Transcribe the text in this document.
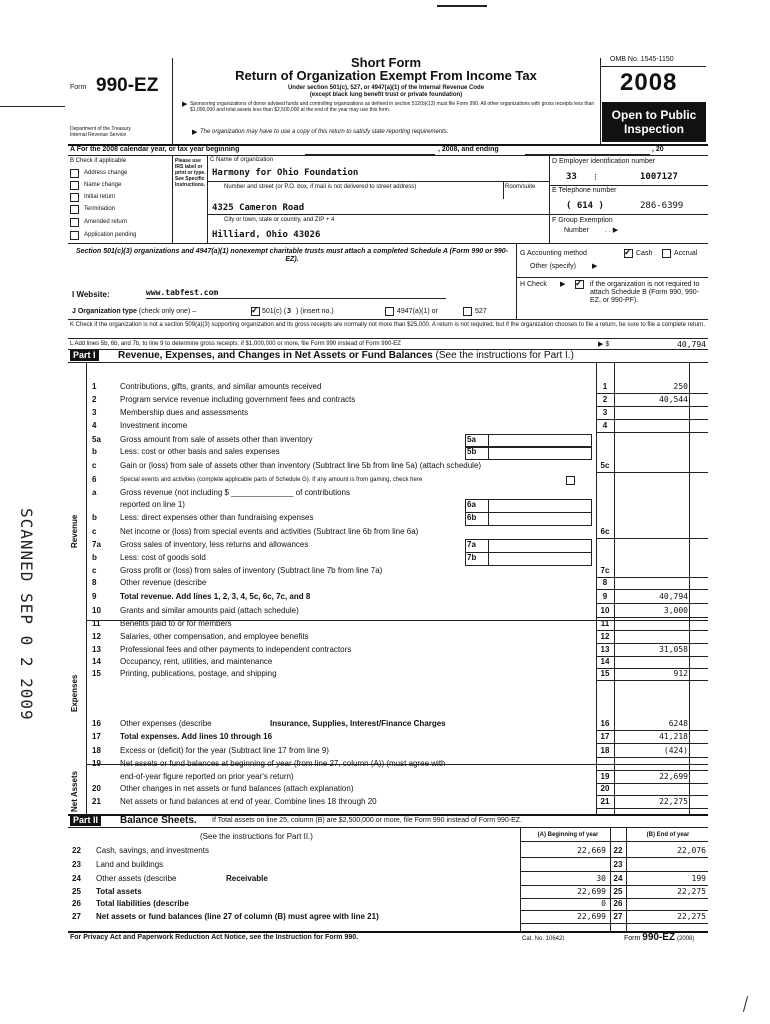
Form 990-EZ
Department of the Treasury
Internal Revenue Service
Short Form
Return of Organization Exempt From Income Tax
Under section 501(c), 527, or 4947(a)(1) of the Internal Revenue Code
(except black lung benefit trust or private foundation)
Sponsoring organizations of donor advised funds and controlling organizations as defined in section 512(b)(13) must file Form 990. All other organizations with gross receipts less than $1,000,000 and total assets less than $2,500,000 at the end of the year may use this form.
The organization may have to use a copy of this return to satisfy state reporting requirements.
▶
▶
OMB No. 1545-1150
2008
Open to Public
Inspection
A For the 2008 calendar year, or tax year beginning	, 2008, and ending	, 20
B Check if applicable
Address change
Name change
Initial return
Termination
Amended return
Application pending
Please use IRS label or print or type. See Specific Instructions.
C Name of organization
Harmony for Ohio Foundation
Number and street (or P.O. box, if mail is not delivered to street address)	Room/suite
4325 Cameron Road
City or town, state or country, and ZIP + 4
Hilliard, Ohio 43026
D Employer identification number
33 ⁝	1007127
E Telephone number
( 614 )	286-6399
F Group Exemption
Number . . ▶
Section 501(c)(3) organizations and 4947(a)(1) nonexempt charitable trusts must attach a completed Schedule A (Form 990 or 990-EZ).
G Accounting method	✓ Cash	Accrual
Other (specify) ▶
H Check ▶ ✓ if the organization is not required to attach Schedule B (Form 990, 990-EZ, or 990-PF).
I Website:	www.tabfest.com
J Organization type (check only one) –	✓ 501(c) ( 3 ) (insert no.)	4947(a)(1) or	527
K Check if the organization is not a section 509(a)(3) supporting organization and its gross receipts are normally not more than $25,000. A return is not required, but if the organization chooses to file a return, be sure to file a complete return.
L Add lines 5b, 6b, and 7b, to line 9 to determine gross receipts; if $1,000,000 or more, file Form 990 instead of Form 990-EZ	▶ $	40,794
Part I	Revenue, Expenses, and Changes in Net Assets or Fund Balances (See the instructions for Part I.)
Revenue
Expenses
Net Assets
1	Contributions, gifts, grants, and similar amounts received	1	250
2	Program service revenue including government fees and contracts	2	40,544
3	Membership dues and assessments	3
4	Investment income	4
5a	Gross amount from sale of assets other than inventory	5a
b	Less: cost or other basis and sales expenses	5b
c	Gain or (loss) from sale of assets other than inventory (Subtract line 5b from line 5a) (attach schedule)	5c
6	Special events and activities (complete applicable parts of Schedule G). If any amount is from gaming, check here
a	Gross revenue (not including $ ______________ of contributions
reported on line 1)	6a
b	Less: direct expenses other than fundraising expenses	6b
c	Net income or (loss) from special events and activities (Subtract line 6b from line 6a)	6c
7a	Gross sales of inventory, less returns and allowances	7a
b	Less: cost of goods sold	7b
c	Gross profit or (loss) from sales of inventory (Subtract line 7b from line 7a)	7c
8	Other revenue (describe	8
9	Total revenue. Add lines 1, 2, 3, 4, 5c, 6c, 7c, and 8	9	40,794
10	Grants and similar amounts paid (attach schedule)	10	3,000
11	Benefits paid to or for members	11
12	Salaries, other compensation, and employee benefits	12
13	Professional fees and other payments to independent contractors	13	31,058
14	Occupancy, rent, utilities, and maintenance	14
15	Printing, publications, postage, and shipping	15	912
16	Other expenses (describe	Insurance, Supplies, Interest/Finance Charges	16	6248
17	Total expenses. Add lines 10 through 16	17	41,218
18	Excess or (deficit) for the year (Subtract line 17 from line 9)	18	(424)
19	Net assets or fund balances at beginning of year (from line 27, column (A)) (must agree with
end-of-year figure reported on prior year's return)	19	22,699
20	Other changes in net assets or fund balances (attach explanation)	20
21	Net assets or fund balances at end of year. Combine lines 18 through 20	21	22,275
Part II	Balance Sheets. If Total assets on line 25, column (B) are $2,500,000 or more, file Form 990 instead of Form 990-EZ.
(See the instructions for Part II.)	(A) Beginning of year	(B) End of year
22	Cash, savings, and investments	22,669 22	22,076
23	Land and buildings	23
24	Other assets (describe	Receivable	30 24	199
25	Total assets	22,699 25	22,275
26	Total liabilities (describe	0 26
27	Net assets or fund balances (line 27 of column (B) must agree with line 21)	22,699 27	22,275
For Privacy Act and Paperwork Reduction Act Notice, see the Instruction for Form 990.	Cat. No. 10642I	Form 990-EZ (2008)
SCANNED SEP 0 2 2009
